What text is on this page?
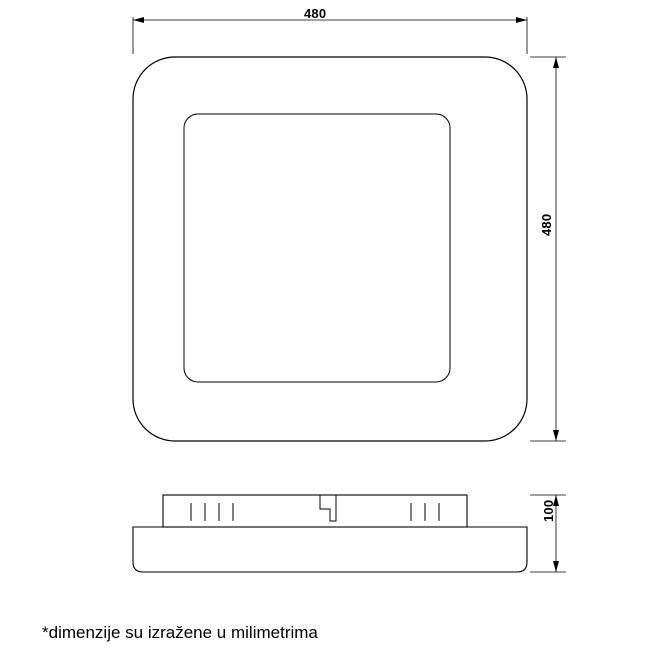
480
480
100
*dimenzije su izražene u milimetrima
